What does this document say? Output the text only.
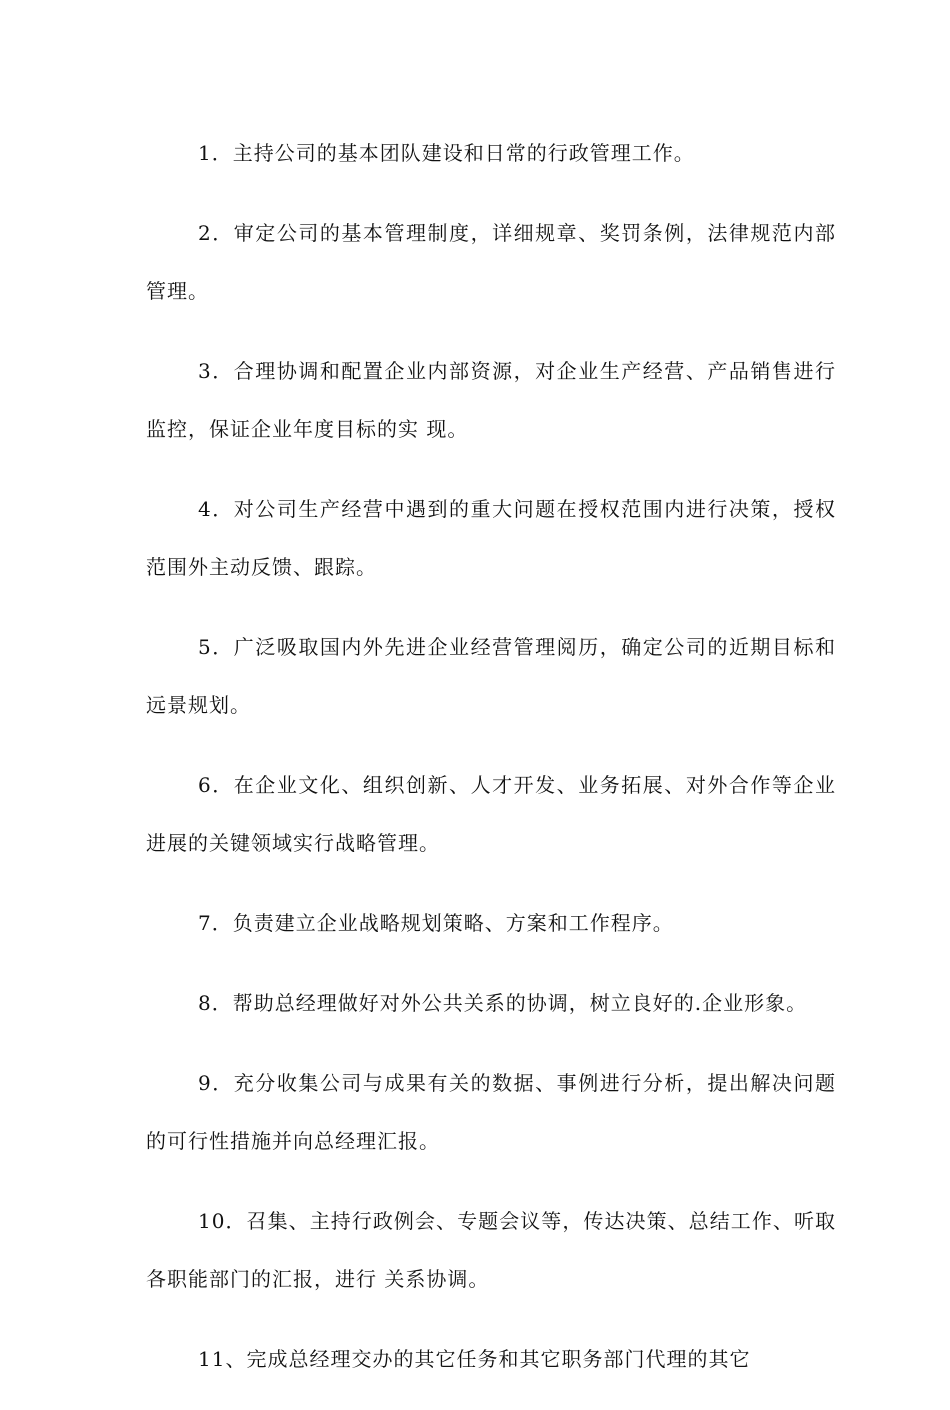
1．主持公司的基本团队建设和日常的行政管理工作。

2．审定公司的基本管理制度，详细规章、奖罚条例，法律规范内部管理。

3．合理协调和配置企业内部资源，对企业生产经营、产品销售进行监控，保证企业年度目标的实 现。

4．对公司生产经营中遇到的重大问题在授权范围内进行决策，授权范围外主动反馈、跟踪。

5．广泛吸取国内外先进企业经营管理阅历，确定公司的近期目标和远景规划。

6．在企业文化、组织创新、人才开发、业务拓展、对外合作等企业进展的关键领域实行战略管理。

7．负责建立企业战略规划策略、方案和工作程序。

8．帮助总经理做好对外公共关系的协调，树立良好的.企业形象。

9．充分收集公司与成果有关的数据、事例进行分析，提出解决问题的可行性措施并向总经理汇报。

10．召集、主持行政例会、专题会议等，传达决策、总结工作、听取各职能部门的汇报，进行 关系协调。

11、完成总经理交办的其它任务和其它职务部门代理的其它
